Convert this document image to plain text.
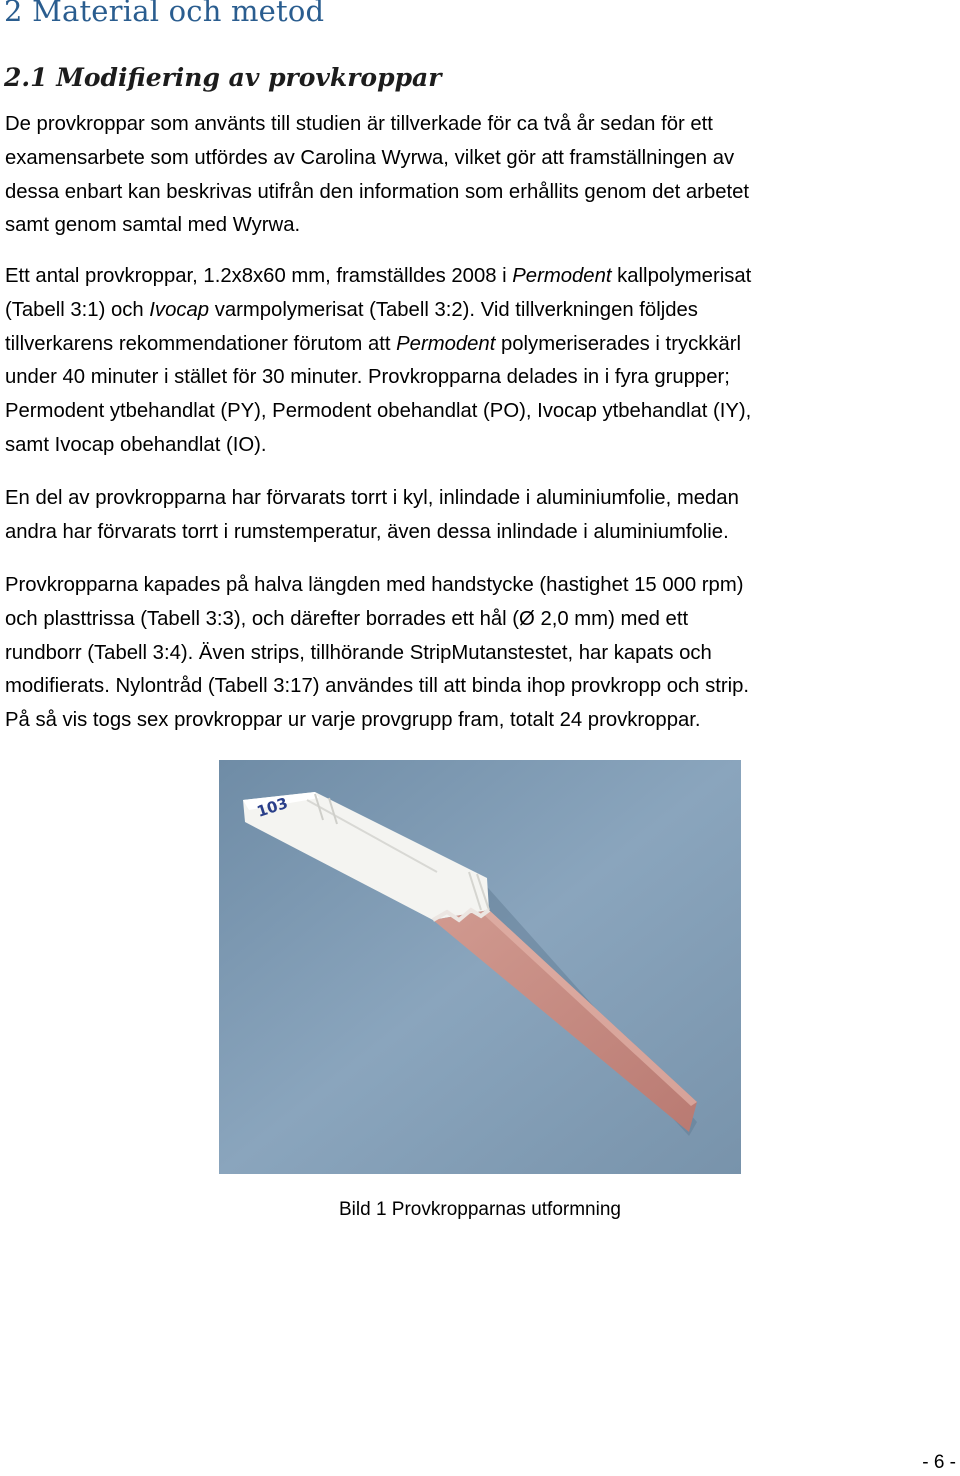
2 Material och metod
2.1 Modifiering av provkroppar

De provkroppar som använts till studien är tillverkade för ca två år sedan för ett
examensarbete som utfördes av Carolina Wyrwa, vilket gör att framställningen av
dessa enbart kan beskrivas utifrån den information som erhållits genom det arbetet
samt genom samtal med Wyrwa.

Ett antal provkroppar, 1.2x8x60 mm, framställdes 2008 i Permodent kallpolymerisat
(Tabell 3:1) och Ivocap varmpolymerisat (Tabell 3:2). Vid tillverkningen följdes
tillverkarens rekommendationer förutom att Permodent polymeriserades i tryckkärl
under 40 minuter i stället för 30 minuter. Provkropparna delades in i fyra grupper;
Permodent ytbehandlat (PY), Permodent obehandlat (PO), Ivocap ytbehandlat (IY),
samt Ivocap obehandlat (IO).

En del av provkropparna har förvarats torrt i kyl, inlindade i aluminiumfolie, medan
andra har förvarats torrt i rumstemperatur, även dessa inlindade i aluminiumfolie.

Provkropparna kapades på halva längden med handstycke (hastighet 15 000 rpm)
och plasttrissa (Tabell 3:3), och därefter borrades ett hål (Ø 2,0 mm) med ett
rundborr (Tabell 3:4). Även strips, tillhörande StripMutanstestet, har kapats och
modifierats. Nylontråd (Tabell 3:17) användes till att binda ihop provkropp och strip.
På så vis togs sex provkroppar ur varje provgrupp fram, totalt 24 provkroppar.

103
Bild 1 Provkropparnas utformning
- 6 -
